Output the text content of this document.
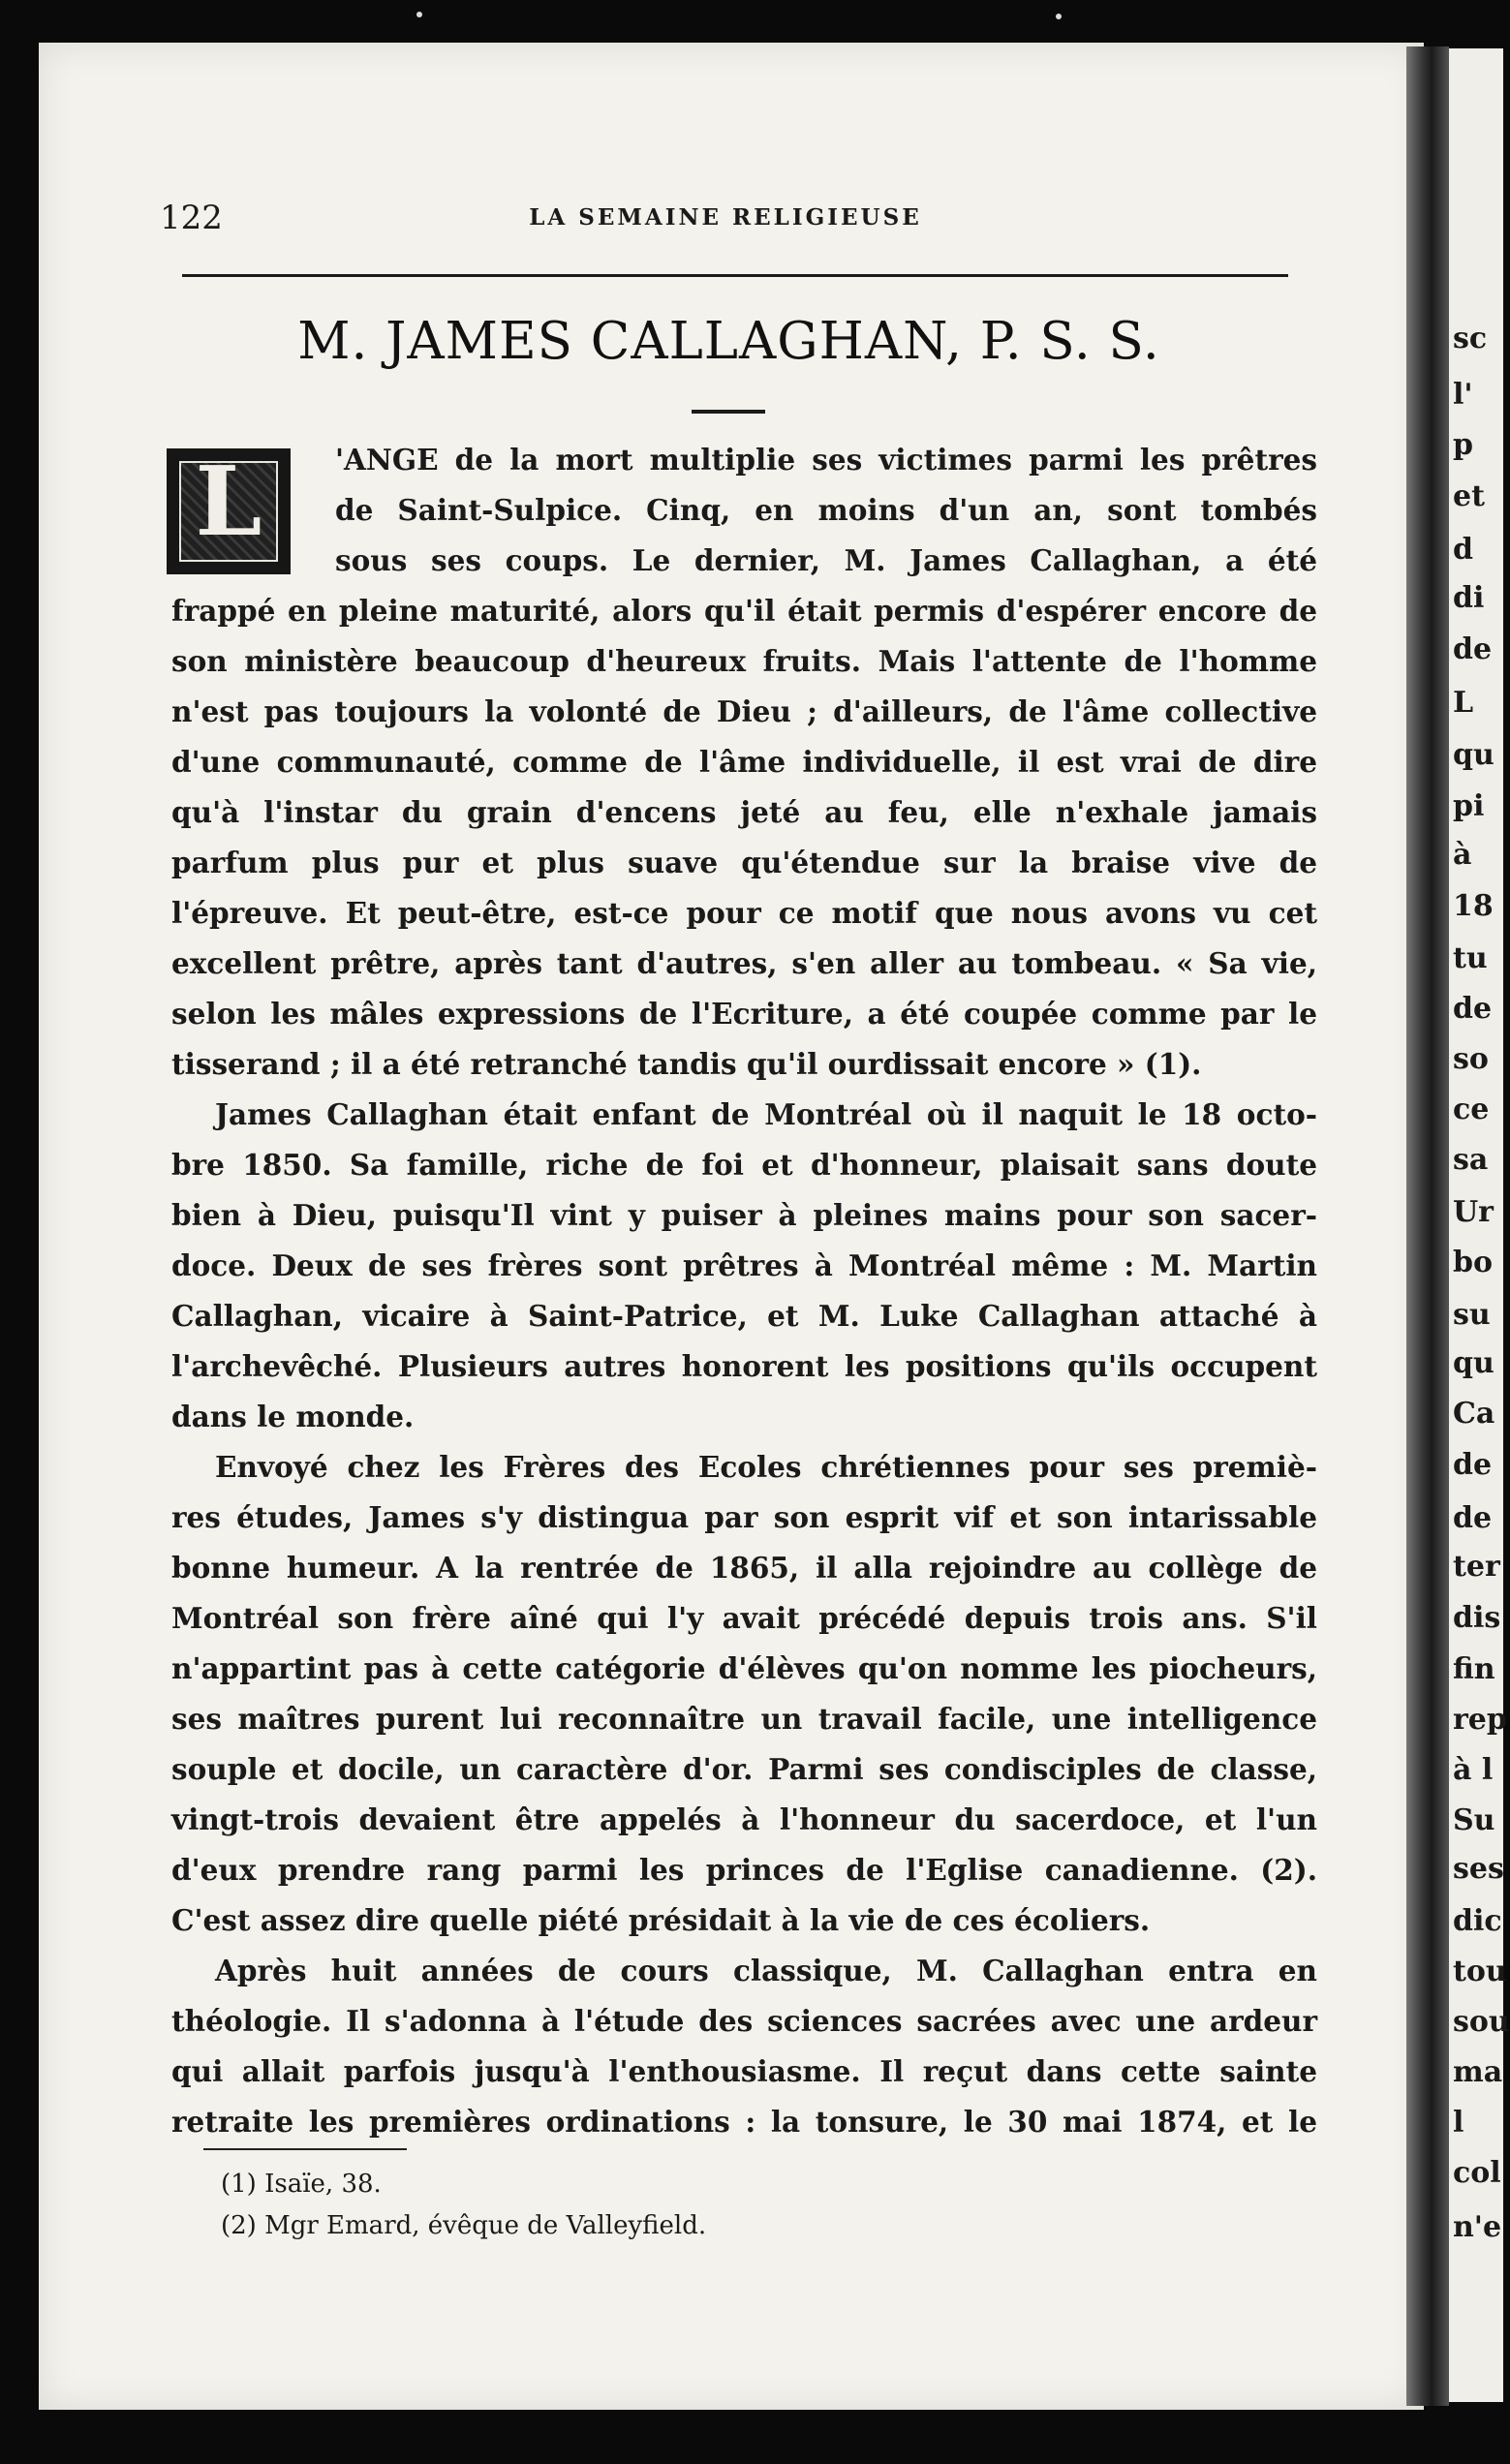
sc
l'
p
et
d
di
de
L
qu
pi
à
18
tu
de
so
ce
sa
Ur
bo
su
qu
Ca
de
de
ter
dis
fin
rep
à l
Su
ses
dic
tou
sou
ma
l
col
n'e
122	LA SEMAINE RELIGIEUSE
M. JAMES CALLAGHAN, P. S. S.
L	'ANGE de la mort multiplie ses victimes parmi les prêtres
de Saint-Sulpice. Cinq, en moins d'un an, sont tombés
sous ses coups. Le dernier, M. James Callaghan, a été
frappé en pleine maturité, alors qu'il était permis d'espérer encore de
son ministère beaucoup d'heureux fruits. Mais l'attente de l'homme
n'est pas toujours la volonté de Dieu ; d'ailleurs, de l'âme collective
d'une communauté, comme de l'âme individuelle, il est vrai de dire
qu'à l'instar du grain d'encens jeté au feu, elle n'exhale jamais
parfum plus pur et plus suave qu'étendue sur la braise vive de
l'épreuve. Et peut-être, est-ce pour ce motif que nous avons vu cet
excellent prêtre, après tant d'autres, s'en aller au tombeau. « Sa vie,
selon les mâles expressions de l'Ecriture, a été coupée comme par le
tisserand ; il a été retranché tandis qu'il ourdissait encore » (1).
James Callaghan était enfant de Montréal où il naquit le 18 octo-
bre 1850. Sa famille, riche de foi et d'honneur, plaisait sans doute
bien à Dieu, puisqu'Il vint y puiser à pleines mains pour son sacer-
doce. Deux de ses frères sont prêtres à Montréal même : M. Martin
Callaghan, vicaire à Saint-Patrice, et M. Luke Callaghan attaché à
l'archevêché. Plusieurs autres honorent les positions qu'ils occupent
dans le monde.
Envoyé chez les Frères des Ecoles chrétiennes pour ses premiè-
res études, James s'y distingua par son esprit vif et son intarissable
bonne humeur. A la rentrée de 1865, il alla rejoindre au collège de
Montréal son frère aîné qui l'y avait précédé depuis trois ans. S'il
n'appartint pas à cette catégorie d'élèves qu'on nomme les piocheurs,
ses maîtres purent lui reconnaître un travail facile, une intelligence
souple et docile, un caractère d'or. Parmi ses condisciples de classe,
vingt-trois devaient être appelés à l'honneur du sacerdoce, et l'un
d'eux prendre rang parmi les princes de l'Eglise canadienne. (2).
C'est assez dire quelle piété présidait à la vie de ces écoliers.
Après huit années de cours classique, M. Callaghan entra en
théologie. Il s'adonna à l'étude des sciences sacrées avec une ardeur
qui allait parfois jusqu'à l'enthousiasme. Il reçut dans cette sainte
retraite les premières ordinations : la tonsure, le 30 mai 1874, et le
(1) Isaïe, 38.
(2) Mgr Emard, évêque de Valleyfield.
